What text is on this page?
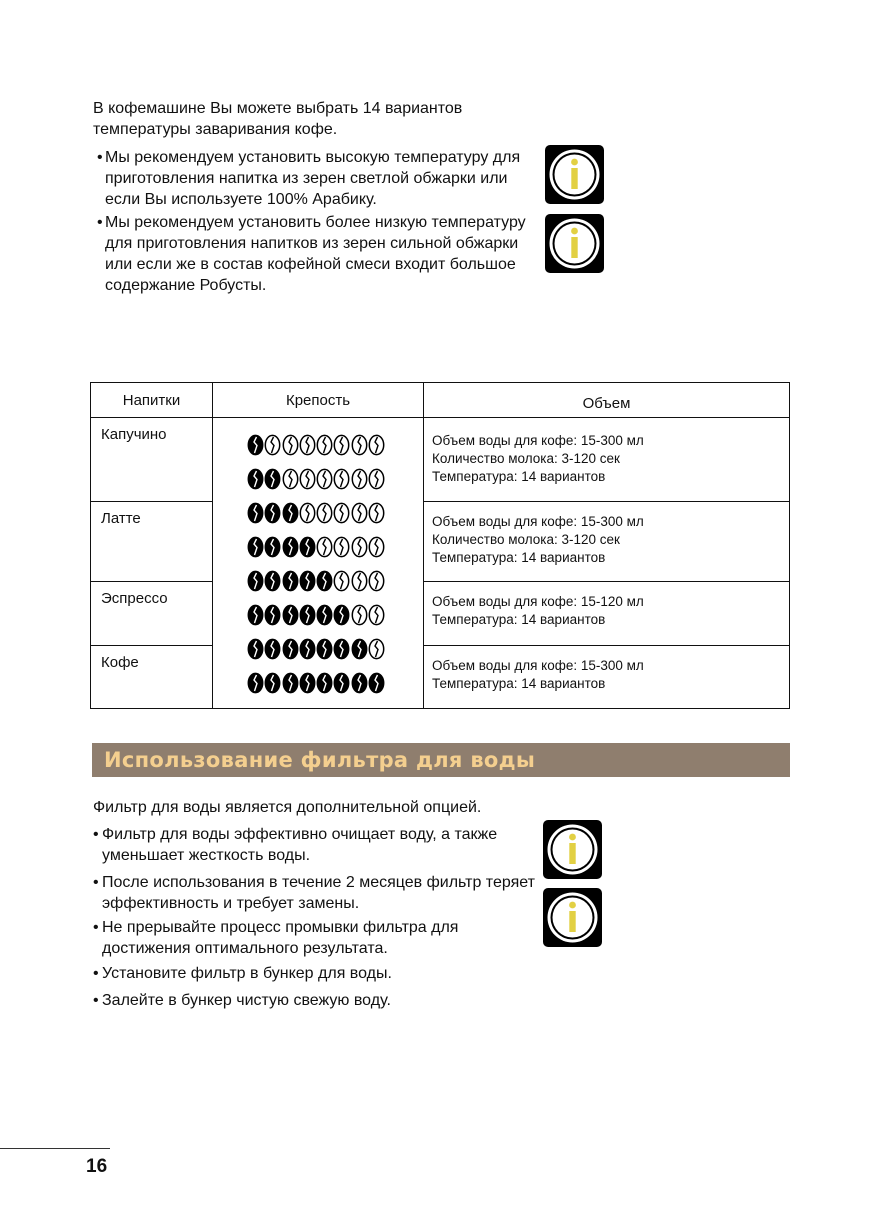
В кофемашине Вы можете выбрать 14 вариантов температуры заваривания кофе.
• Мы рекомендуем установить высокую температуру для приготовления напитка из зерен светлой обжарки или если Вы используете 100% Арабику.
• Мы рекомендуем установить более низкую температуру для приготовления напитков из зерен сильной обжарки или если же в состав кофейной смеси входит большое содержание Робусты.
Напитки	Крепость	Объем
Капучино		Объем воды для кофе: 15-300 мл
Количество молока: 3-120 сек
Температура: 14 вариантов

Латте		Объем воды для кофе: 15-300 мл
Количество молока: 3-120 сек
Температура: 14 вариантов

Эспрессо		Объем воды для кофе: 15-120 мл
Температура: 14 вариантов

Кофе		Объем воды для кофе: 15-300 мл
Температура: 14 вариантов
Использование фильтра для воды
Фильтр для воды является дополнительной опцией.
• Фильтр для воды эффективно очищает воду, а также уменьшает жесткость воды.
• После использования в течение 2 месяцев фильтр теряет эффективность и требует замены.
• Не прерывайте процесс промывки фильтра для достижения оптимального результата.
• Установите фильтр в бункер для воды.
• Залейте в бункер чистую свежую воду.
16
